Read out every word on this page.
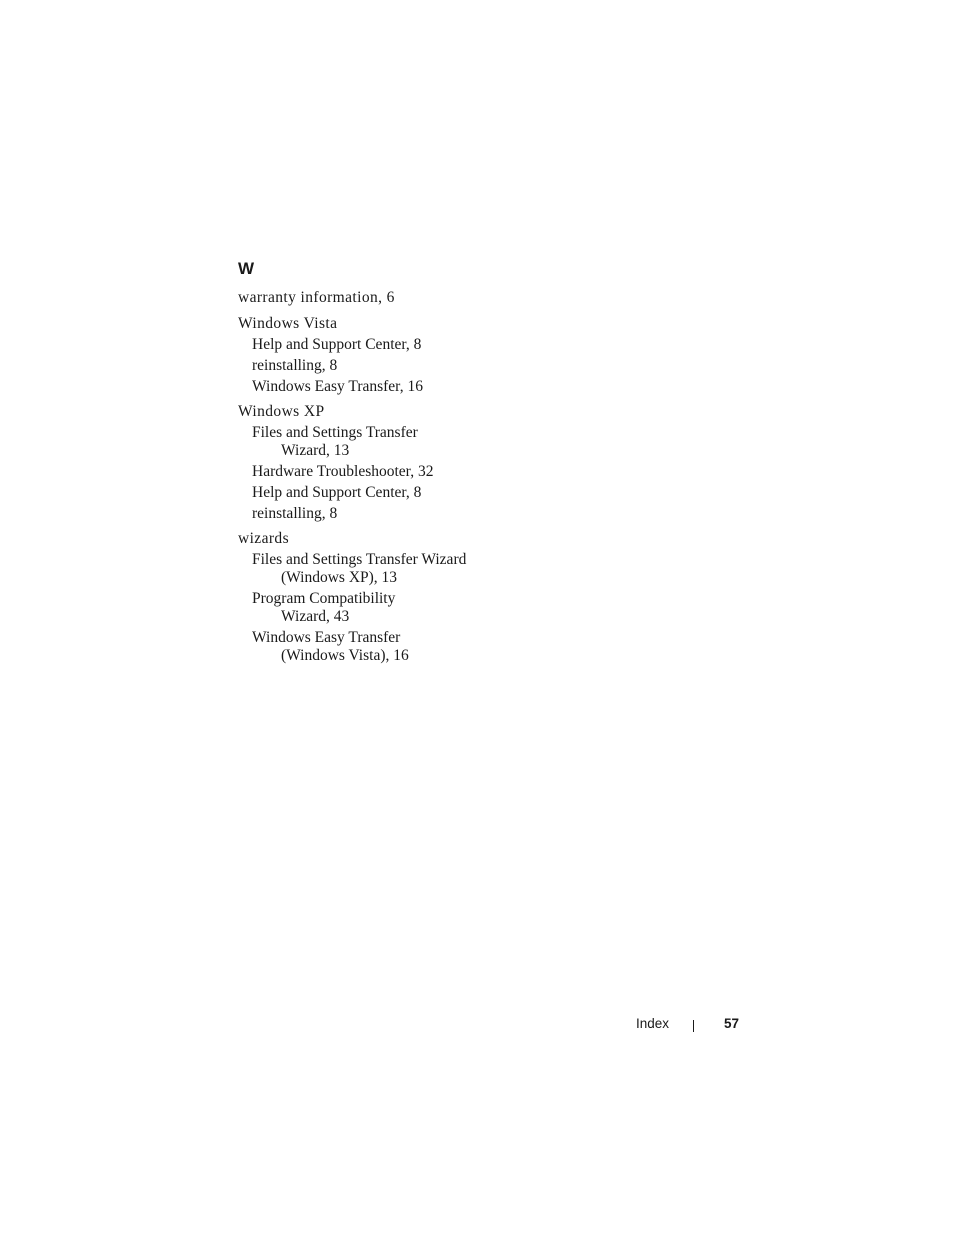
W
warranty information, 6
Windows Vista
Help and Support Center, 8
reinstalling, 8
Windows Easy Transfer, 16
Windows XP
Files and Settings Transfer
Wizard, 13
Hardware Troubleshooter, 32
Help and Support Center, 8
reinstalling, 8
wizards
Files and Settings Transfer Wizard
(Windows XP), 13
Program Compatibility
Wizard, 43
Windows Easy Transfer
(Windows Vista), 16
Index	57
